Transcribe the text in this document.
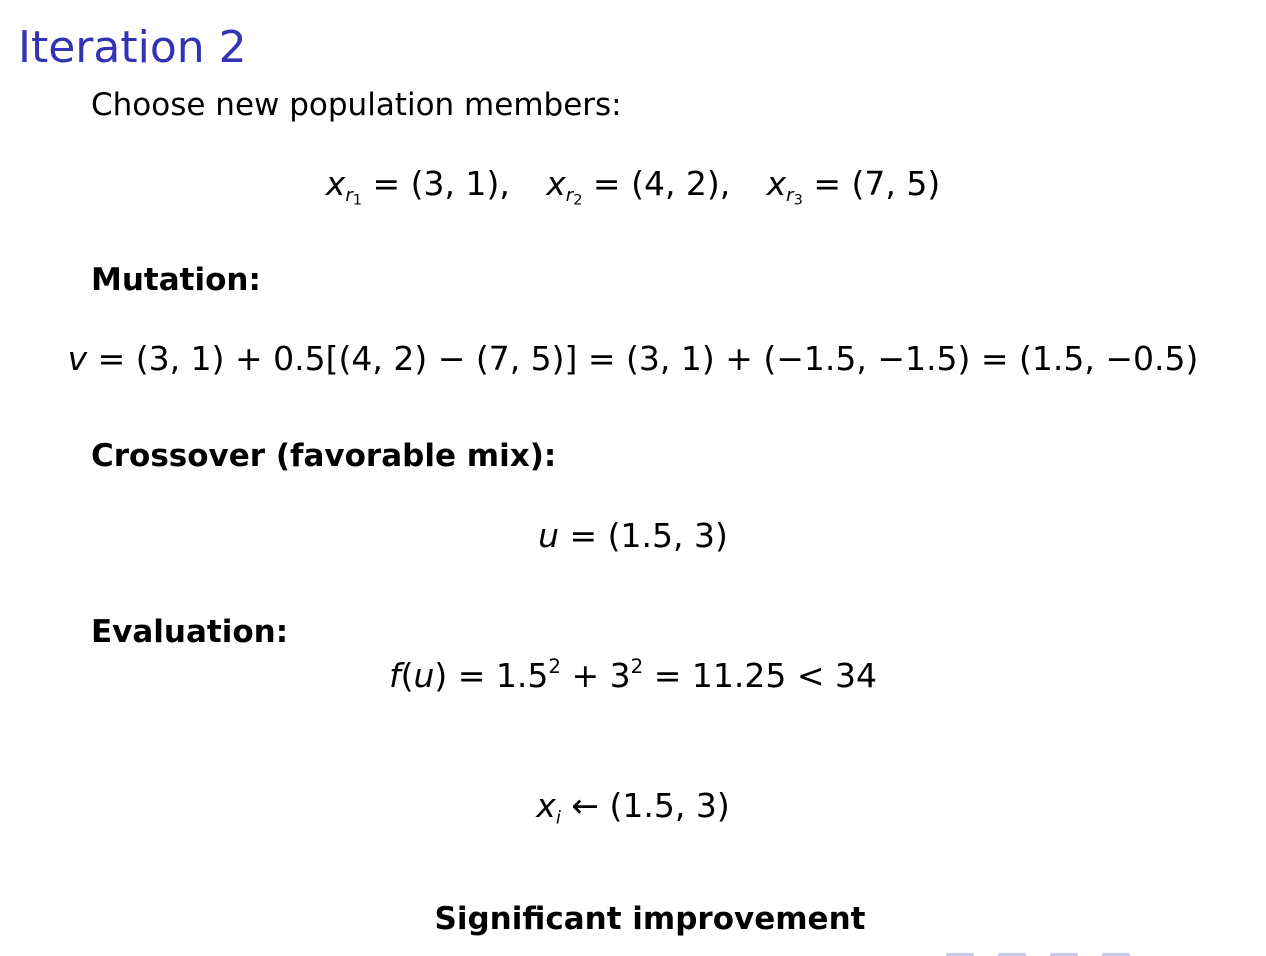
Iteration 2
Choose new population members:
$x_{r_1} = (3$, 1), $x_{r_2} = (4$, 2), $x_{r_3} = (7$, 5)
Mutation:
v = (3, 1) + 0.5[(4, 2) − (7, 5)] = (3, 1) + (−1.5, −1.5) = (1.5, −0.5)
Crossover (favorable mix):
u = (1.5, 3)
Evaluation:
$f(u) = 1.5^2 + 3^2 = 11.25 < 34$
$x_i$ ← (1.5, 3)
Significant improvement
